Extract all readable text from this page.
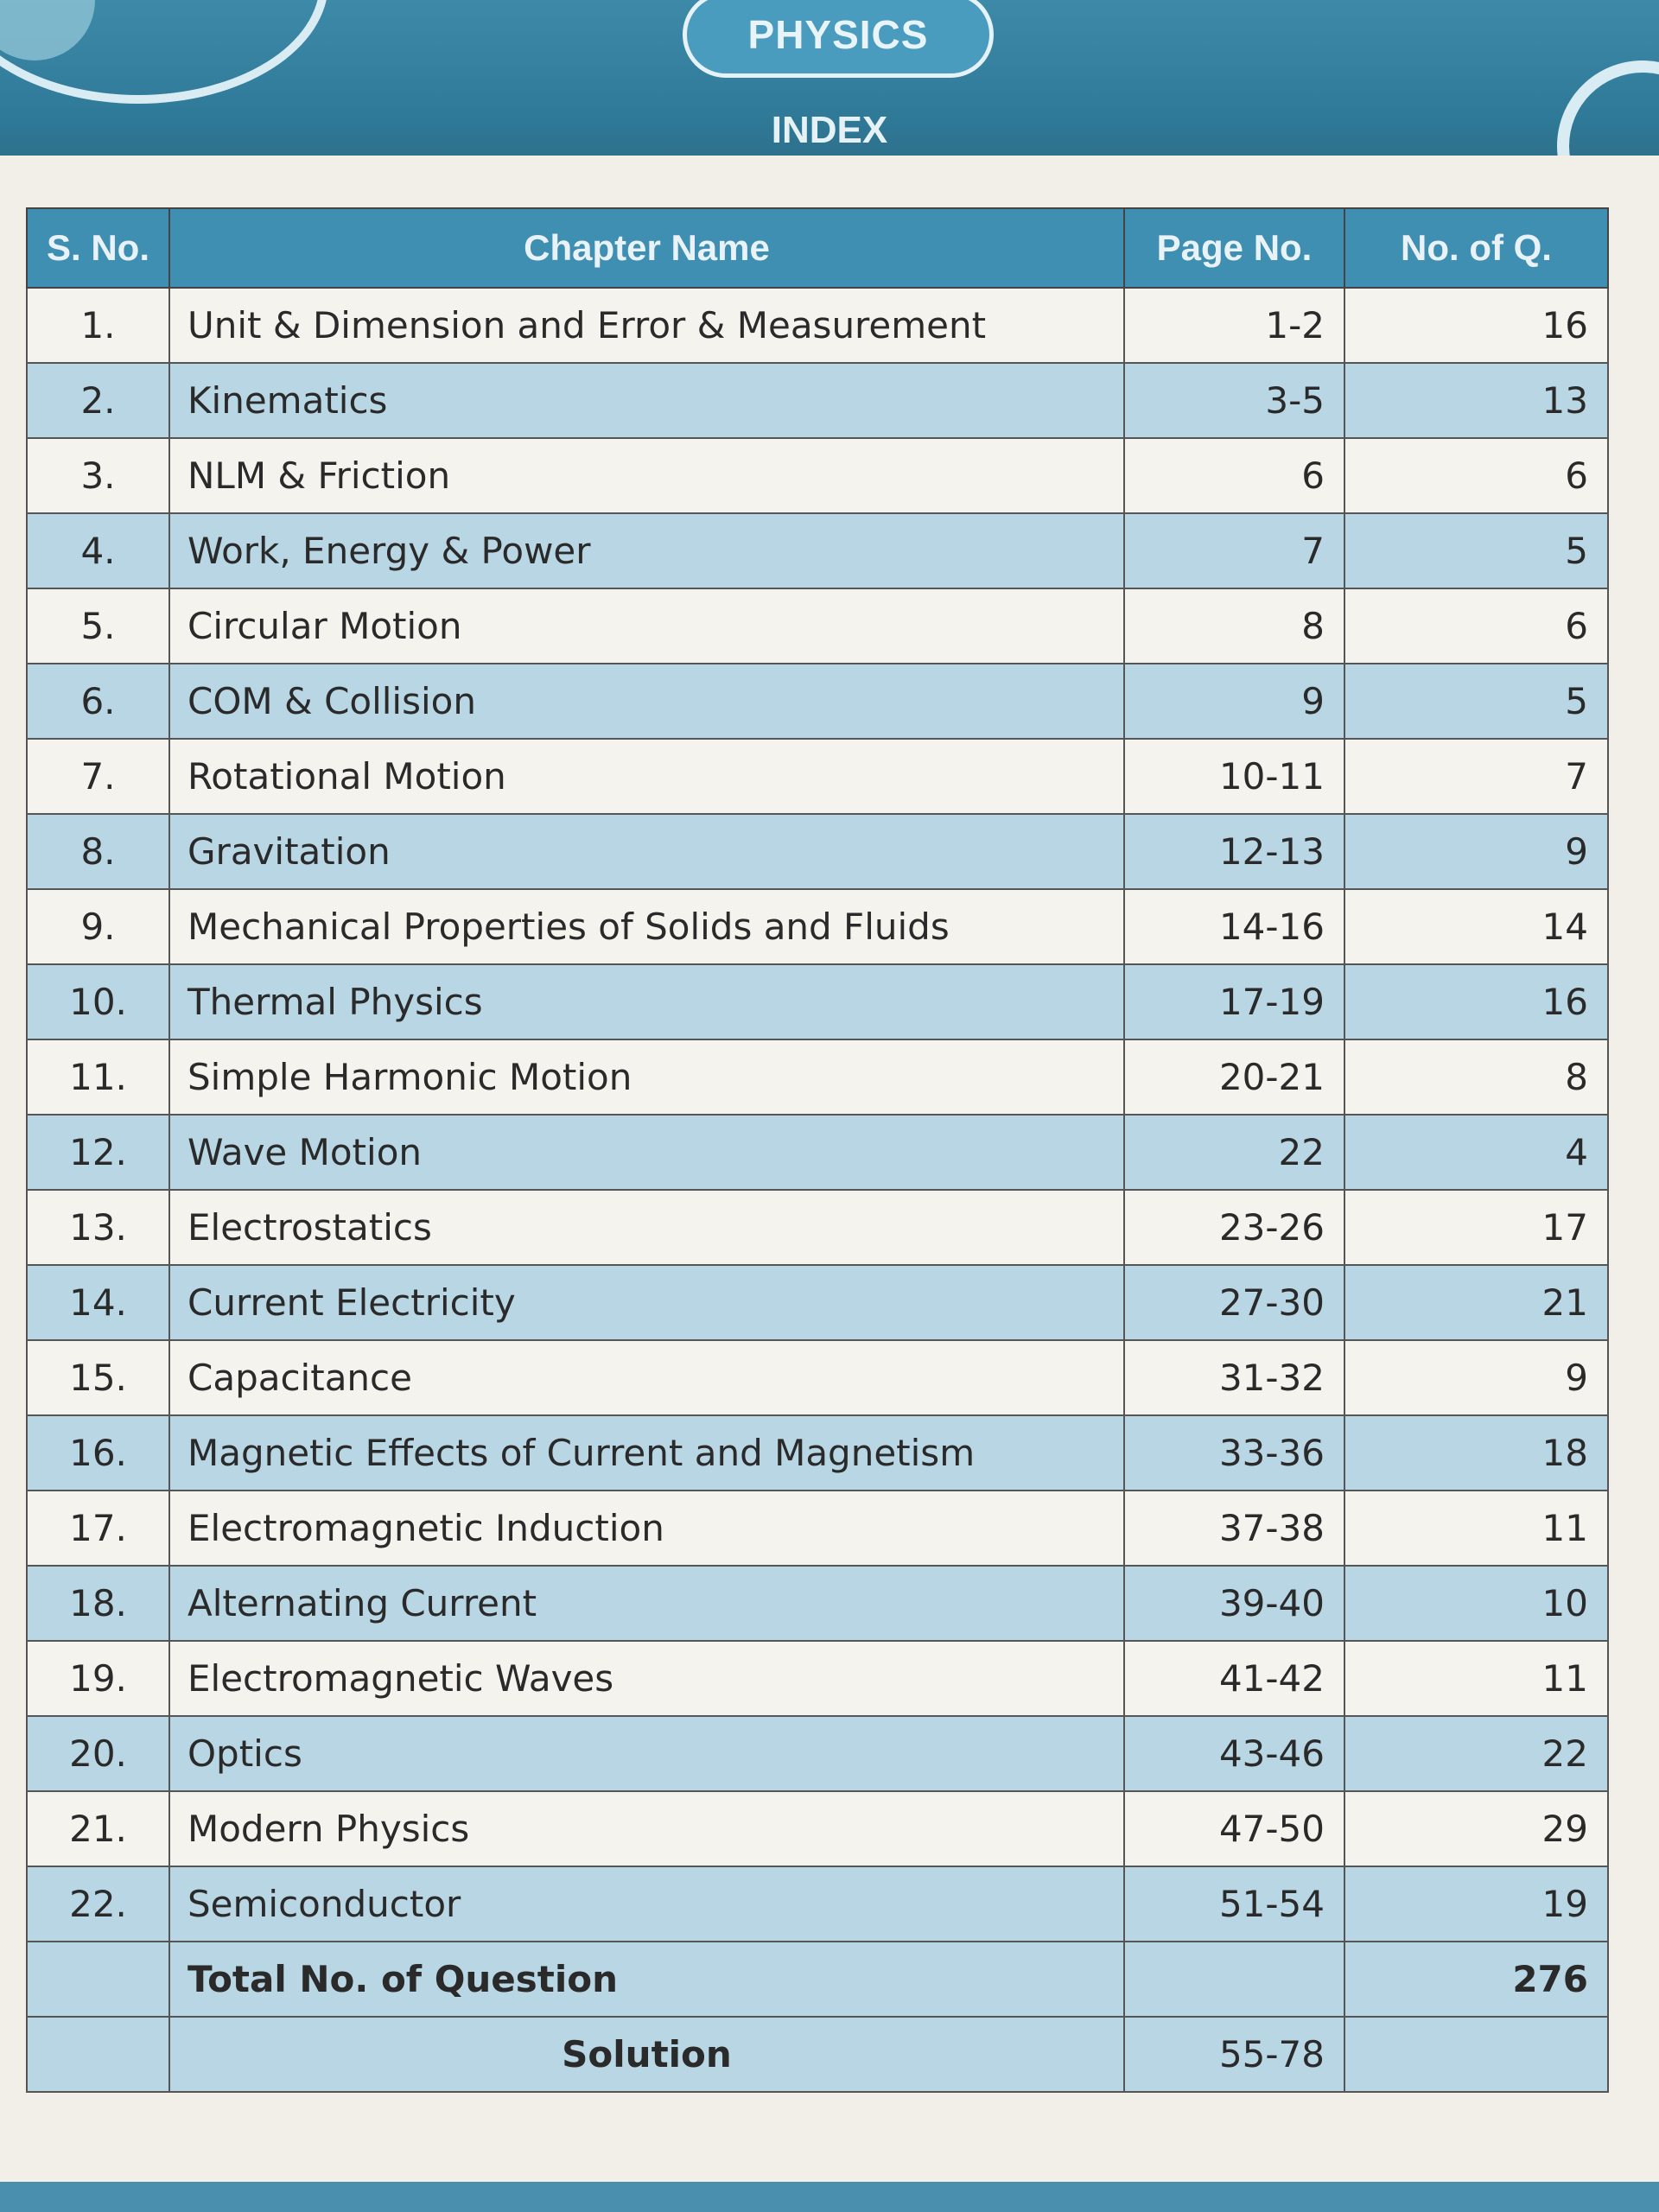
PHYSICS
INDEX
S. No.	Chapter Name	Page No.	No. of Q.
1.	Unit & Dimension and Error & Measurement	1-2	16
2.	Kinematics	3-5	13
3.	NLM & Friction	6	6
4.	Work, Energy & Power	7	5
5.	Circular Motion	8	6
6.	COM & Collision	9	5
7.	Rotational Motion	10-11	7
8.	Gravitation	12-13	9
9.	Mechanical Properties of Solids and Fluids	14-16	14
10.	Thermal Physics	17-19	16
11.	Simple Harmonic Motion	20-21	8
12.	Wave Motion	22	4
13.	Electrostatics	23-26	17
14.	Current Electricity	27-30	21
15.	Capacitance	31-32	9
16.	Magnetic Effects of Current and Magnetism	33-36	18
17.	Electromagnetic Induction	37-38	11
18.	Alternating Current	39-40	10
19.	Electromagnetic Waves	41-42	11
20.	Optics	43-46	22
21.	Modern Physics	47-50	29
22.	Semiconductor	51-54	19
	Total No. of Question		276
	Solution	55-78	
